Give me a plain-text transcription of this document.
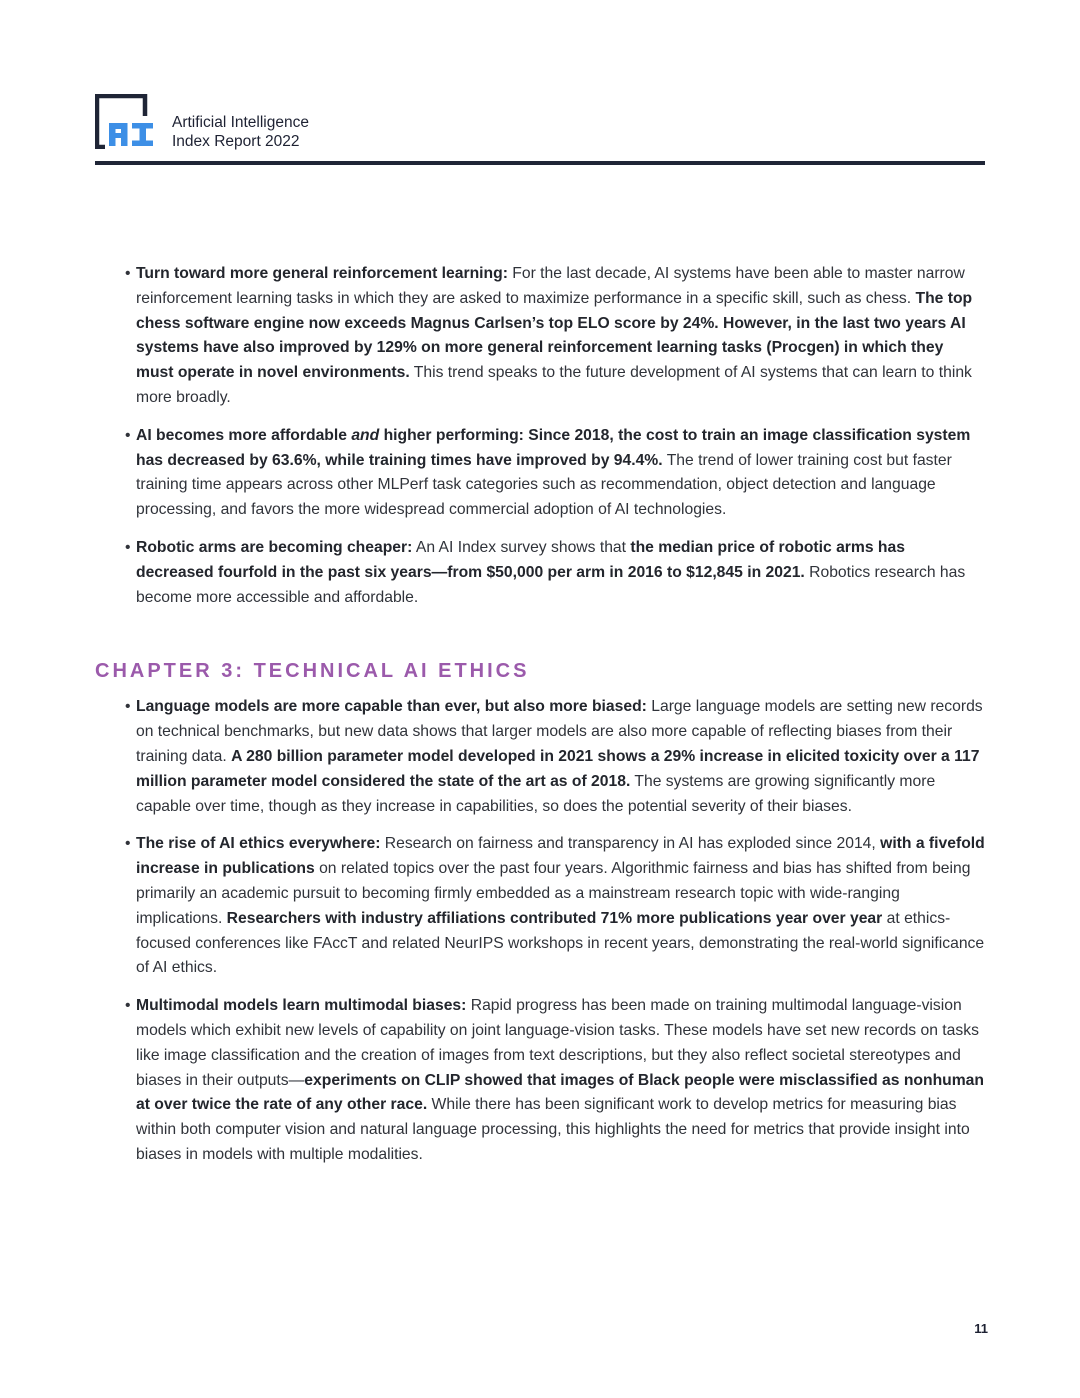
Artificial Intelligence
Index Report 2022
• Turn toward more general reinforcement learning: For the last decade, AI systems have been able to master narrow reinforcement learning tasks in which they are asked to maximize performance in a specific skill, such as chess. The top chess software engine now exceeds Magnus Carlsen’s top ELO score by 24%. However, in the last two years AI systems have also improved by 129% on more general reinforcement learning tasks (Procgen) in which they must operate in novel environments. This trend speaks to the future development of AI systems that can learn to think more broadly.
• AI becomes more affordable and higher performing: Since 2018, the cost to train an image classification system has decreased by 63.6%, while training times have improved by 94.4%. The trend of lower training cost but faster training time appears across other MLPerf task categories such as recommendation, object detection and language processing, and favors the more widespread commercial adoption of AI technologies.
• Robotic arms are becoming cheaper: An AI Index survey shows that the median price of robotic arms has decreased fourfold in the past six years—from $50,000 per arm in 2016 to $12,845 in 2021. Robotics research has become more accessible and affordable.
CHAPTER 3: TECHNICAL AI ETHICS
• Language models are more capable than ever, but also more biased: Large language models are setting new records on technical benchmarks, but new data shows that larger models are also more capable of reflecting biases from their training data. A 280 billion parameter model developed in 2021 shows a 29% increase in elicited toxicity over a 117 million parameter model considered the state of the art as of 2018. The systems are growing significantly more capable over time, though as they increase in capabilities, so does the potential severity of their biases.
• The rise of AI ethics everywhere: Research on fairness and transparency in AI has exploded since 2014, with a fivefold increase in publications on related topics over the past four years. Algorithmic fairness and bias has shifted from being primarily an academic pursuit to becoming firmly embedded as a mainstream research topic with wide-ranging implications. Researchers with industry affiliations contributed 71% more publications year over year at ethics-focused conferences like FAccT and related NeurIPS workshops in recent years, demonstrating the real-world significance of AI ethics.
• Multimodal models learn multimodal biases: Rapid progress has been made on training multimodal language-vision models which exhibit new levels of capability on joint language-vision tasks. These models have set new records on tasks like image classification and the creation of images from text descriptions, but they also reflect societal stereotypes and biases in their outputs—experiments on CLIP showed that images of Black people were misclassified as nonhuman at over twice the rate of any other race. While there has been significant work to develop metrics for measuring bias within both computer vision and natural language processing, this highlights the need for metrics that provide insight into biases in models with multiple modalities.
11
